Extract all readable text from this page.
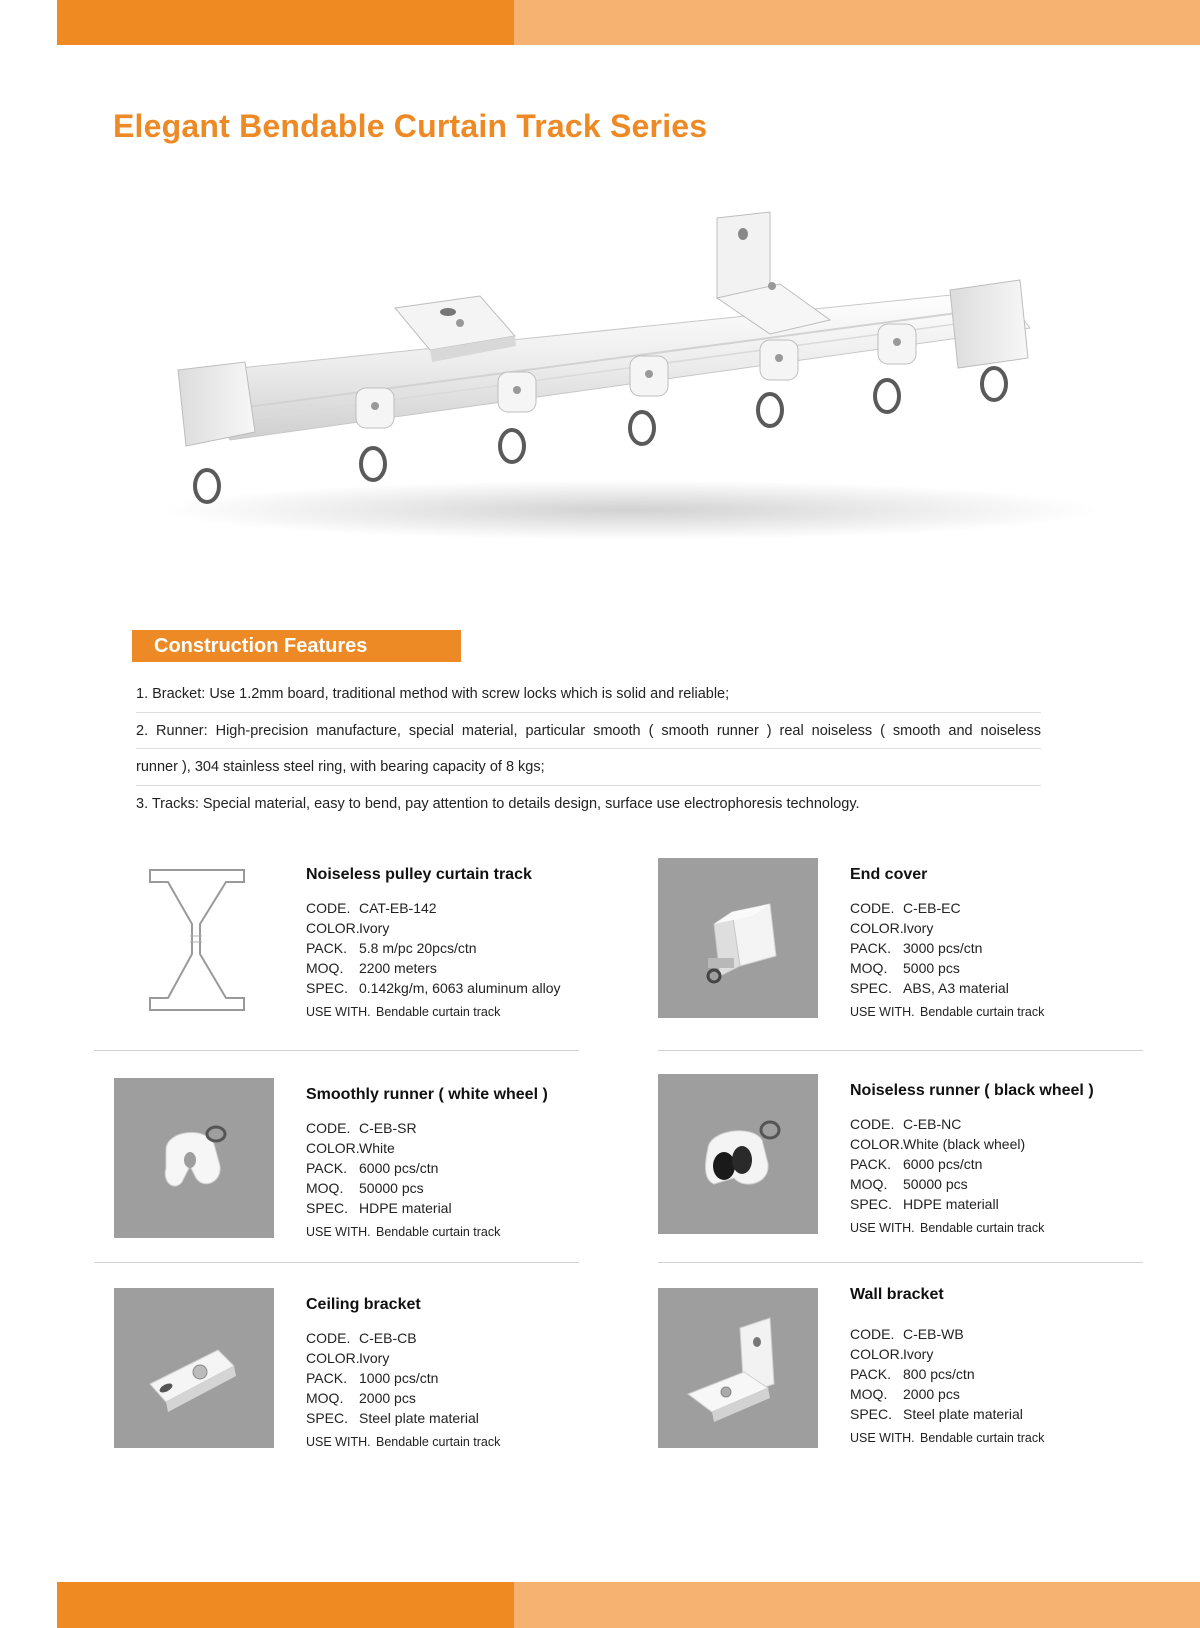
Elegant Bendable Curtain Track Series
Construction Features
1. Bracket: Use 1.2mm board, traditional method with screw locks which is solid and reliable;
2. Runner: High-precision manufacture, special material, particular smooth ( smooth runner ) real noiseless ( smooth and noiseless
runner ), 304 stainless steel ring, with bearing capacity of 8 kgs;
3. Tracks: Special material, easy to bend, pay attention to details design, surface use electrophoresis technology.
Noiseless pulley curtain track
CODE. CAT-EB-142
COLOR.Ivory
PACK. 5.8 m/pc 20pcs/ctn
MOQ. 2200 meters
SPEC. 0.142kg/m, 6063 aluminum alloy
USE WITH. Bendable curtain track
End cover
CODE. C-EB-EC
COLOR.Ivory
PACK. 3000 pcs/ctn
MOQ. 5000 pcs
SPEC. ABS, A3 material
USE WITH. Bendable curtain track
Smoothly runner ( white wheel )
CODE. C-EB-SR
COLOR.White
PACK. 6000 pcs/ctn
MOQ. 50000 pcs
SPEC. HDPE material
USE WITH. Bendable curtain track
Noiseless runner ( black wheel )
CODE. C-EB-NC
COLOR.White (black wheel)
PACK. 6000 pcs/ctn
MOQ. 50000 pcs
SPEC. HDPE materiall
USE WITH. Bendable curtain track
Ceiling bracket
CODE. C-EB-CB
COLOR.Ivory
PACK. 1000 pcs/ctn
MOQ. 2000 pcs
SPEC. Steel plate material
USE WITH. Bendable curtain track
Wall bracket
CODE. C-EB-WB
COLOR.Ivory
PACK. 800 pcs/ctn
MOQ. 2000 pcs
SPEC. Steel plate material
USE WITH. Bendable curtain track
